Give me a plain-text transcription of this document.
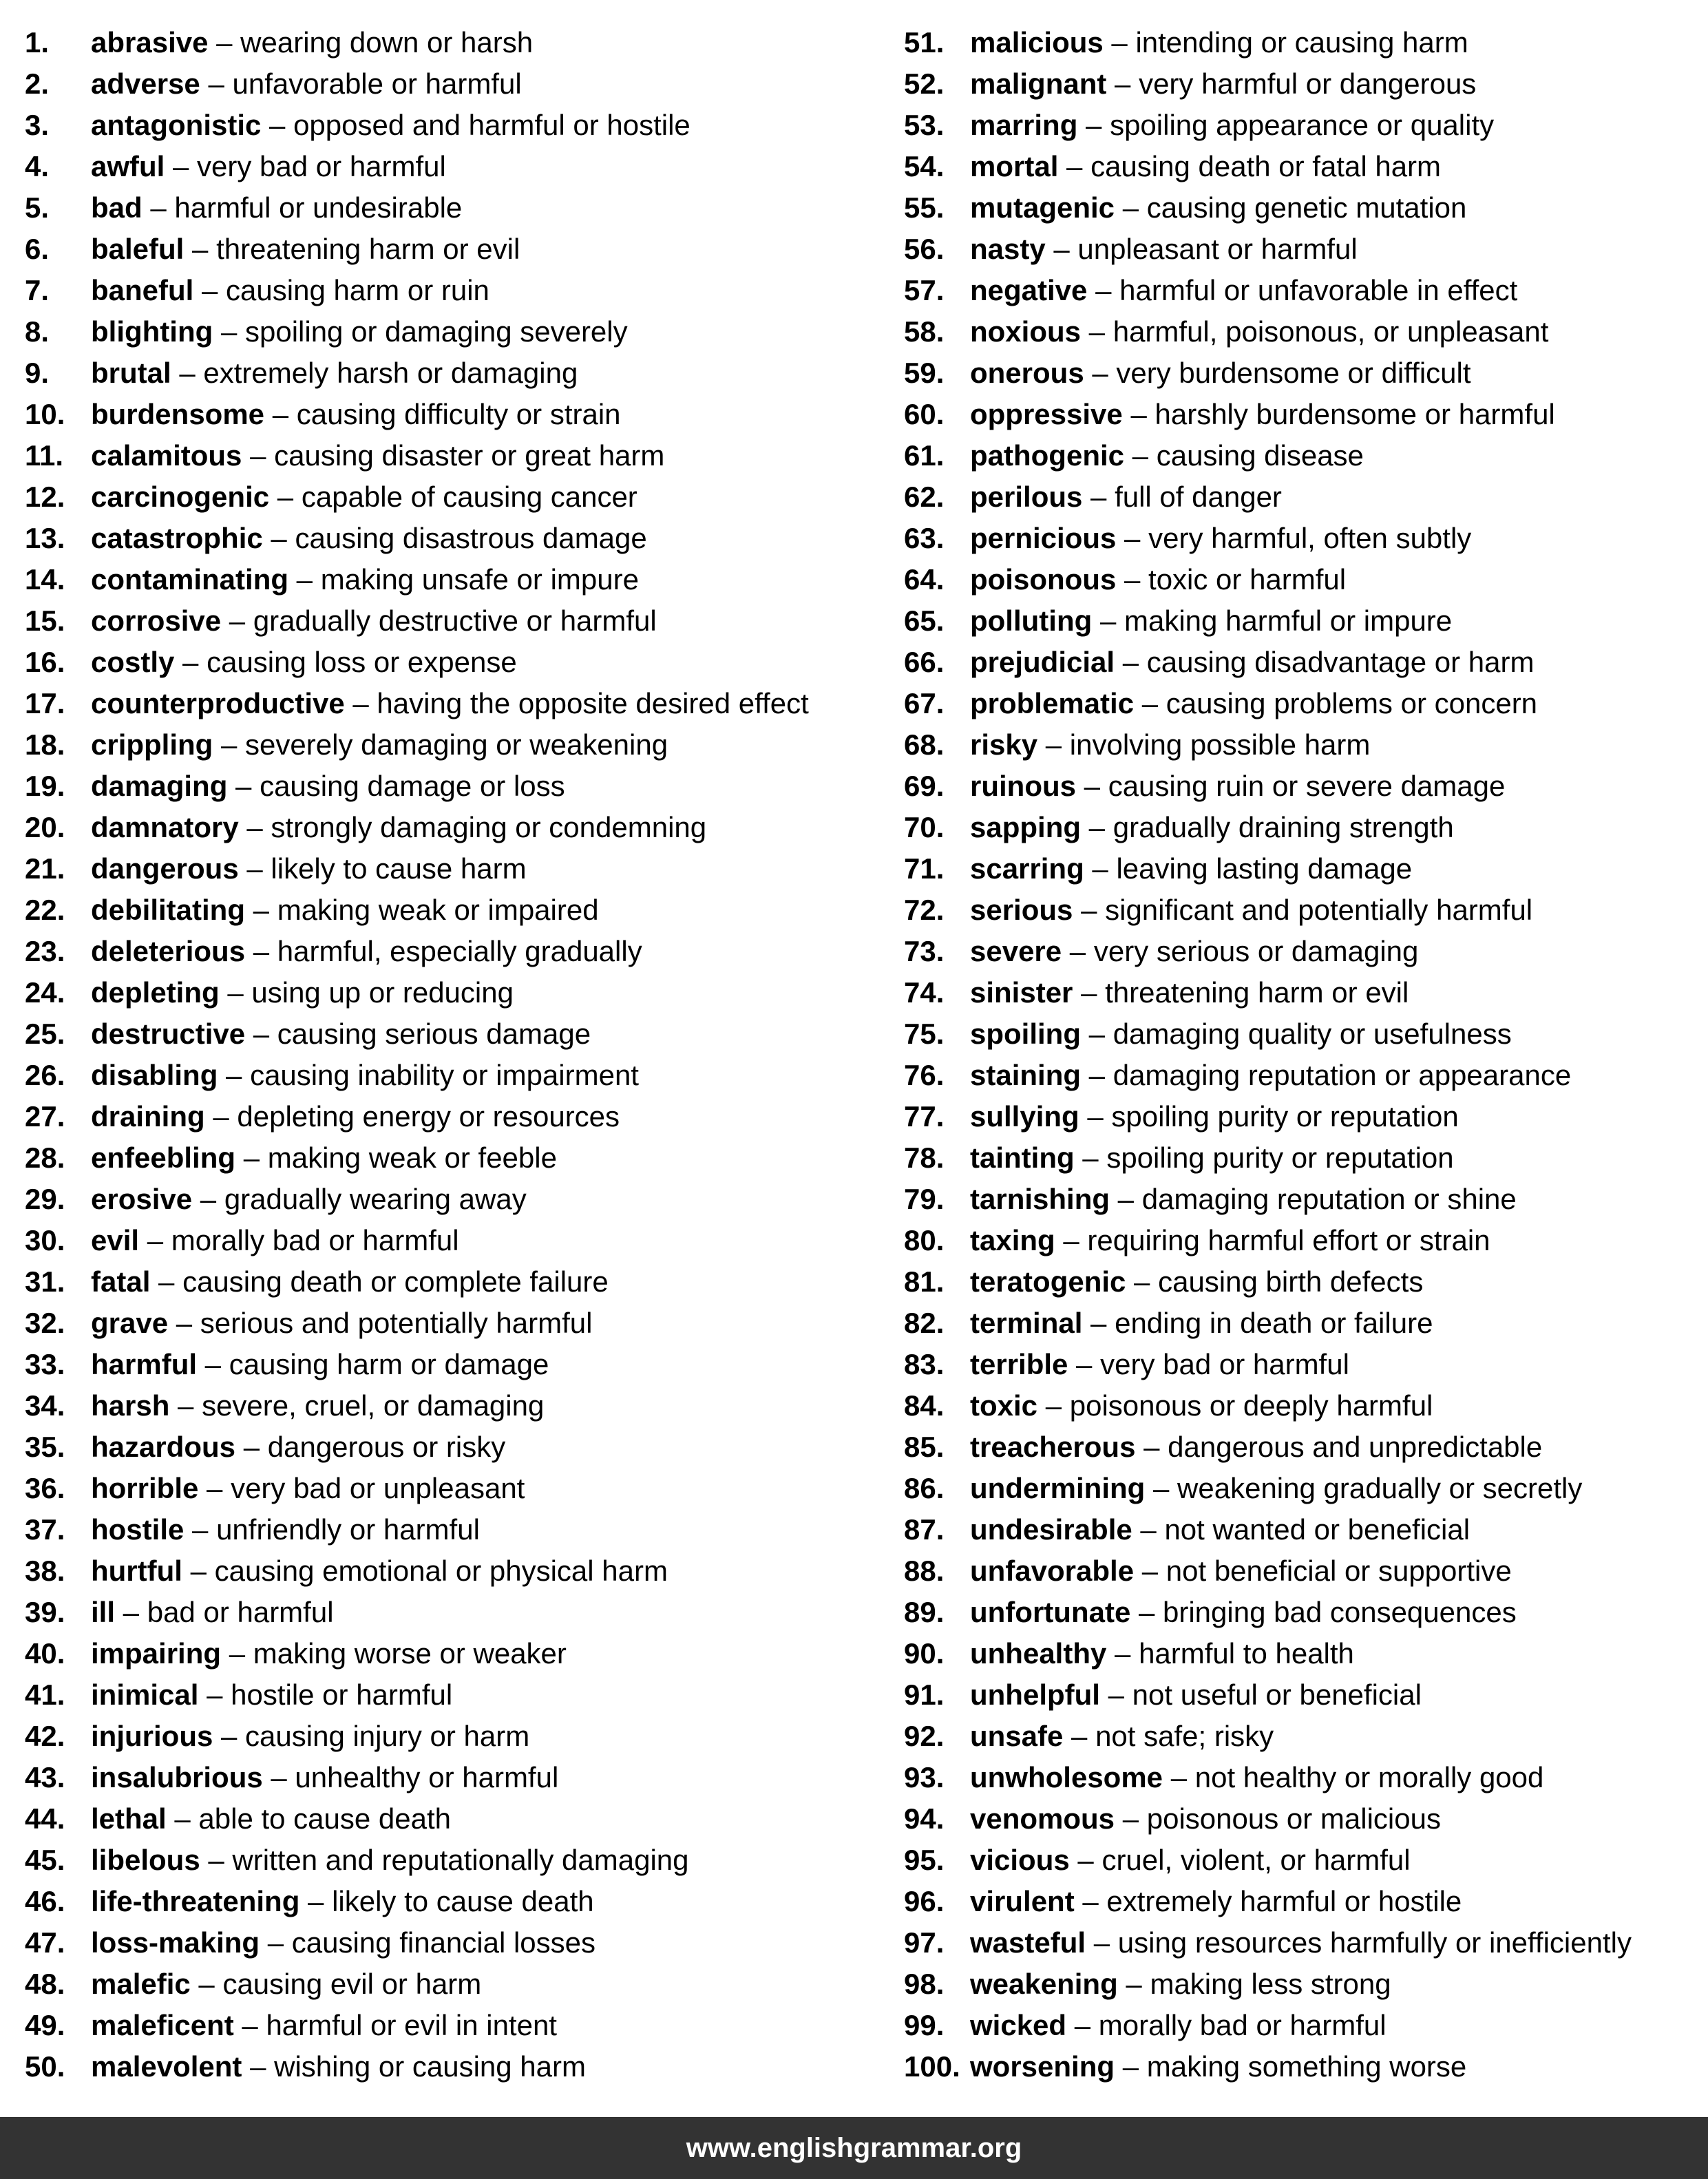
1. abrasive – wearing down or harsh
2. adverse – unfavorable or harmful
3. antagonistic – opposed and harmful or hostile
4. awful – very bad or harmful
5. bad – harmful or undesirable
6. baleful – threatening harm or evil
7. baneful – causing harm or ruin
8. blighting – spoiling or damaging severely
9. brutal – extremely harsh or damaging
10. burdensome – causing difficulty or strain
11. calamitous – causing disaster or great harm
12. carcinogenic – capable of causing cancer
13. catastrophic – causing disastrous damage
14. contaminating – making unsafe or impure
15. corrosive – gradually destructive or harmful
16. costly – causing loss or expense
17. counterproductive – having the opposite desired effect
18. crippling – severely damaging or weakening
19. damaging – causing damage or loss
20. damnatory – strongly damaging or condemning
21. dangerous – likely to cause harm
22. debilitating – making weak or impaired
23. deleterious – harmful, especially gradually
24. depleting – using up or reducing
25. destructive – causing serious damage
26. disabling – causing inability or impairment
27. draining – depleting energy or resources
28. enfeebling – making weak or feeble
29. erosive – gradually wearing away
30. evil – morally bad or harmful
31. fatal – causing death or complete failure
32. grave – serious and potentially harmful
33. harmful – causing harm or damage
34. harsh – severe, cruel, or damaging
35. hazardous – dangerous or risky
36. horrible – very bad or unpleasant
37. hostile – unfriendly or harmful
38. hurtful – causing emotional or physical harm
39. ill – bad or harmful
40. impairing – making worse or weaker
41. inimical – hostile or harmful
42. injurious – causing injury or harm
43. insalubrious – unhealthy or harmful
44. lethal – able to cause death
45. libelous – written and reputationally damaging
46. life-threatening – likely to cause death
47. loss-making – causing financial losses
48. malefic – causing evil or harm
49. maleficent – harmful or evil in intent
50. malevolent – wishing or causing harm
51. malicious – intending or causing harm
52. malignant – very harmful or dangerous
53. marring – spoiling appearance or quality
54. mortal – causing death or fatal harm
55. mutagenic – causing genetic mutation
56. nasty – unpleasant or harmful
57. negative – harmful or unfavorable in effect
58. noxious – harmful, poisonous, or unpleasant
59. onerous – very burdensome or difficult
60. oppressive – harshly burdensome or harmful
61. pathogenic – causing disease
62. perilous – full of danger
63. pernicious – very harmful, often subtly
64. poisonous – toxic or harmful
65. polluting – making harmful or impure
66. prejudicial – causing disadvantage or harm
67. problematic – causing problems or concern
68. risky – involving possible harm
69. ruinous – causing ruin or severe damage
70. sapping – gradually draining strength
71. scarring – leaving lasting damage
72. serious – significant and potentially harmful
73. severe – very serious or damaging
74. sinister – threatening harm or evil
75. spoiling – damaging quality or usefulness
76. staining – damaging reputation or appearance
77. sullying – spoiling purity or reputation
78. tainting – spoiling purity or reputation
79. tarnishing – damaging reputation or shine
80. taxing – requiring harmful effort or strain
81. teratogenic – causing birth defects
82. terminal – ending in death or failure
83. terrible – very bad or harmful
84. toxic – poisonous or deeply harmful
85. treacherous – dangerous and unpredictable
86. undermining – weakening gradually or secretly
87. undesirable – not wanted or beneficial
88. unfavorable – not beneficial or supportive
89. unfortunate – bringing bad consequences
90. unhealthy – harmful to health
91. unhelpful – not useful or beneficial
92. unsafe – not safe; risky
93. unwholesome – not healthy or morally good
94. venomous – poisonous or malicious
95. vicious – cruel, violent, or harmful
96. virulent – extremely harmful or hostile
97. wasteful – using resources harmfully or inefficiently
98. weakening – making less strong
99. wicked – morally bad or harmful
100. worsening – making something worse
www.englishgrammar.org
